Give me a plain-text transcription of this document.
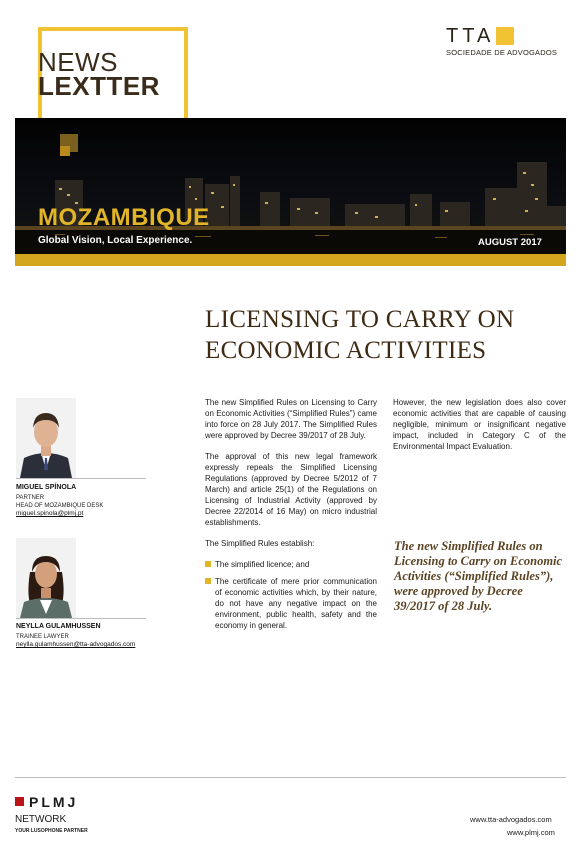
NEWS
LEXTTER
TTA
SOCIEDADE DE ADVOGADOS
MOZAMBIQUE
Global Vision, Local Experience.	AUGUST 2017
LICENSING TO CARRY ON
ECONOMIC ACTIVITIES

The new Simplified Rules on Licensing to Carry on Economic Activities (“Simplified Rules”) came into force on 28 July 2017. The Simplified Rules were approved by Decree 39/2017 of 28 July.

The approval of this new legal framework expressly repeals the Simplified Licensing Regulations (approved by Decree 5/2012 of 7 March) and article 25(1) of the Regulations on Licensing of Industrial Activity (approved by Decree 22/2014 of 16 May) on micro industrial establishments.

The Simplified Rules establish:

The simplified licence; and
The certificate of mere prior communication of economic activities which, by their nature, do not have any negative impact on the environment, public health, safety and the economy in general.

However, the new legislation does also cover economic activities that are capable of causing negligible, minimum or insignificant negative impact, included in Category C of the Environmental Impact Evaluation.

The new Simplified Rules on Licensing to Carry on Economic Activities (“Simplified Rules”), were approved by Decree 39/2017 of 28 July.
MIGUEL SPÍNOLA
PARTNER
HEAD OF MOZAMBIQUE DESK
miguel.spinola@plmj.pt
NEYLLA GULAMHUSSEN
TRAINEE LAWYER
neylla.gulamhussen@tta-advogados.com
PLMJ
NETWORK
YOUR LUSOPHONE PARTNER
www.tta-advogados.com
www.plmj.com
